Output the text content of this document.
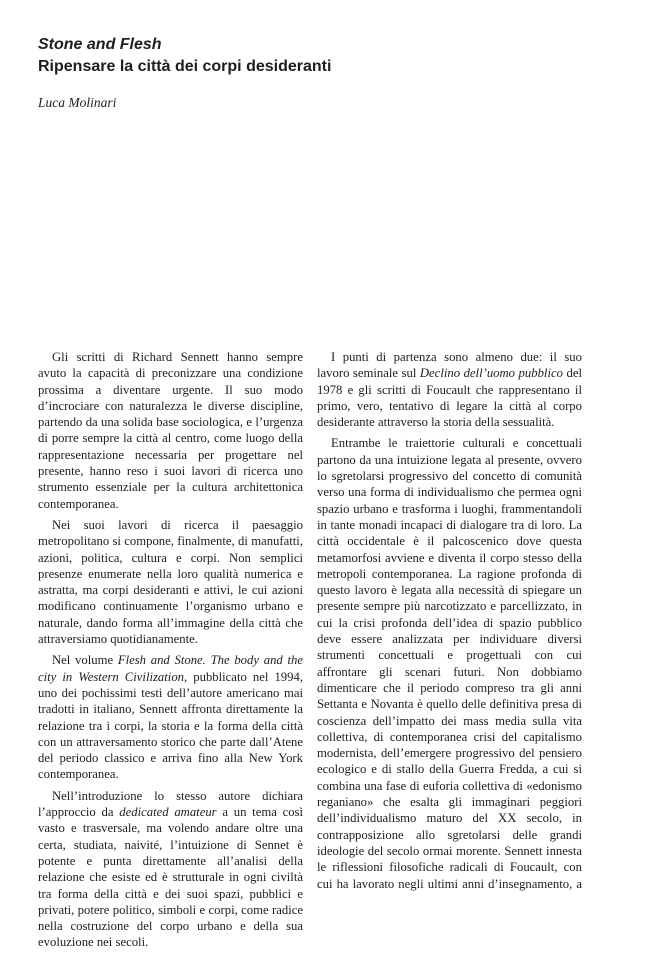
Stone and Flesh

Ripensare la città dei corpi desideranti

Luca Molinari

Gli scritti di Richard Sennett hanno sempre avuto la capacità di preconizzare una condizione prossima a diventare urgente. Il suo modo d’incrociare con naturalezza le diverse discipline, partendo da una solida base sociologica, e l’urgenza di porre sempre la città al centro, come luogo della rappresentazione necessaria per progettare nel presente, hanno reso i suoi lavori di ricerca uno strumento essenziale per la cultura architettonica contemporanea.

Nei suoi lavori di ricerca il paesaggio metropolitano si compone, finalmente, di manufatti, azioni, politica, cultura e corpi. Non semplici presenze enumerate nella loro qualità numerica e astratta, ma corpi desideranti e attivi, le cui azioni modificano continuamente l’organismo urbano e naturale, dando forma all’immagine della città che attraversiamo quotidianamente.

Nel volume Flesh and Stone. The body and the city in Western Civilization, pubblicato nel 1994, uno dei pochissimi testi dell’autore americano mai tradotti in italiano, Sennett affronta direttamente la relazione tra i corpi, la storia e la forma della città con un attraversamento storico che parte dall’Atene del periodo classico e arriva fino alla New York contemporanea.

Nell’introduzione lo stesso autore dichiara l’approccio da dedicated amateur a un tema così vasto e trasversale, ma volendo andare oltre una certa, studiata, naivité, l’intuizione di Sennet è potente e punta direttamente all’analisi della relazione che esiste ed è strutturale in ogni civiltà tra forma della città e dei suoi spazi, pubblici e privati, potere politico, simboli e corpi, come radice nella costruzione del corpo urbano e della sua evoluzione nei secoli.

I punti di partenza sono almeno due: il suo lavoro seminale sul Declino dell’uomo pubblico del 1978 e gli scritti di Foucault che rappresentano il primo, vero, tentativo di legare la città al corpo desiderante attraverso la storia della sessualità.

Entrambe le traiettorie culturali e concettuali partono da una intuizione legata al presente, ovvero lo sgretolarsi progressivo del concetto di comunità verso una forma di individualismo che permea ogni spazio urbano e trasforma i luoghi, frammentandoli in tante monadi incapaci di dialogare tra di loro. La città occidentale è il palcoscenico dove questa metamorfosi avviene e diventa il corpo stesso della metropoli contemporanea. La ragione profonda di questo lavoro è legata alla necessità di spiegare un presente sempre più narcotizzato e parcellizzato, in cui la crisi profonda dell’idea di spazio pubblico deve essere analizzata per individuare diversi strumenti concettuali e progettuali con cui affrontare gli scenari futuri. Non dobbiamo dimenticare che il periodo compreso tra gli anni Settanta e Novanta è quello delle definitiva presa di coscienza dell’impatto dei mass media sulla vita collettiva, di contemporanea crisi del capitalismo modernista, dell’emergere progressivo del pensiero ecologico e di stallo della Guerra Fredda, a cui si combina una fase di euforia collettiva di «edonismo reganiano» che esalta gli immaginari peggiori dell’individualismo maturo del XX secolo, in contrapposizione allo sgretolarsi delle grandi ideologie del secolo ormai morente. Sennett innesta le riflessioni filosofiche radicali di Foucault, con cui ha lavorato negli ultimi anni d’insegnamento, a
